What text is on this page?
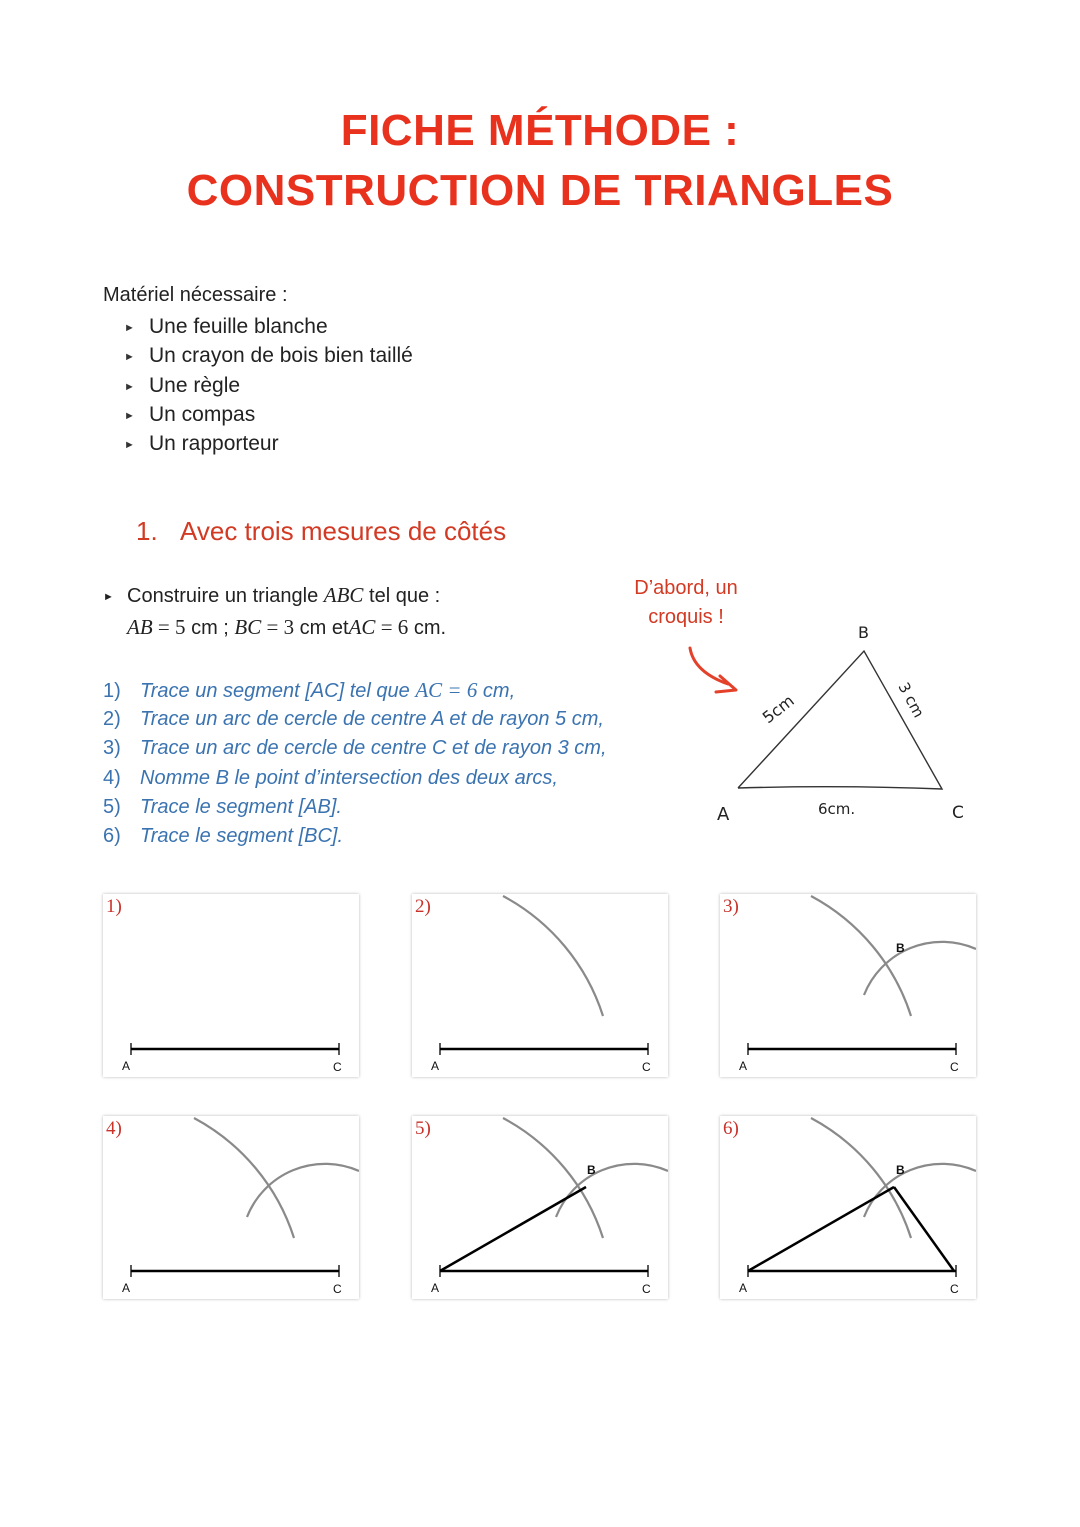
FICHE MÉTHODE :
CONSTRUCTION DE TRIANGLES
Matériel nécessaire :
► Une feuille blanche
► Un crayon de bois bien taillé
► Une règle
► Un compas
► Un rapporteur
1. Avec trois mesures de côtés
► Construire un triangle ABC tel que :
AB = 5 cm ; BC = 3 cm etAC = 6 cm.
1) Trace un segment [AC] tel que AC = 6 cm,
2) Trace un arc de cercle de centre A et de rayon 5 cm,
3) Trace un arc de cercle de centre C et de rayon 3 cm,
4) Nomme B le point d’intersection des deux arcs,
5) Trace le segment [AB].
6) Trace le segment [BC].
D’abord, un
croquis !
B
A	C
5cm	3 cm
6cm.
A	C
1)
A	C
2)
A
B
C
3)
A	C
4)
A
B
C
5)
A
B
C
6)
